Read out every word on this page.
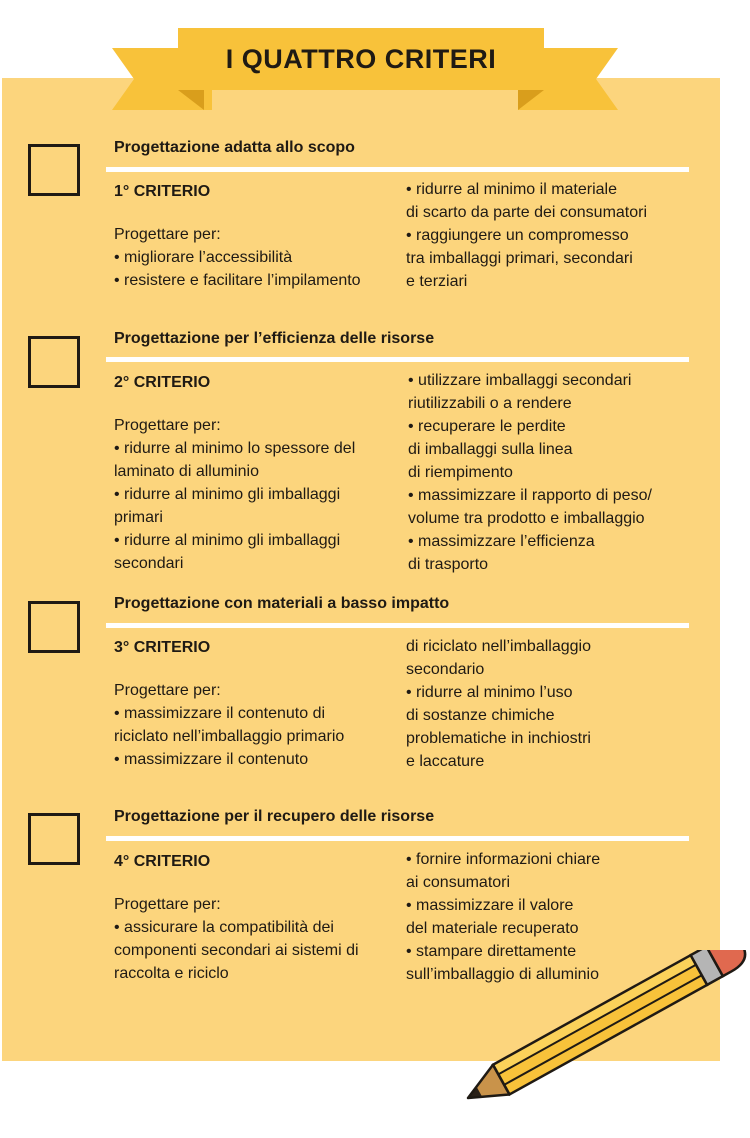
I QUATTRO CRITERI
Progettazione adatta allo scopo
1° CRITERIO
Progettare per:
• migliorare l’accessibilità
• resistere e facilitare l’impilamento
• ridurre al minimo il materiale
di scarto da parte dei consumatori
• raggiungere un compromesso
tra imballaggi primari, secondari
e terziari
Progettazione per l’efficienza delle risorse
2° CRITERIO
Progettare per:
• ridurre al minimo lo spessore del
laminato di alluminio
• ridurre al minimo gli imballaggi
primari
• ridurre al minimo gli imballaggi
secondari
• utilizzare imballaggi secondari
riutilizzabili o a rendere
• recuperare le perdite
di imballaggi sulla linea
di riempimento
• massimizzare il rapporto di peso/
volume tra prodotto e imballaggio
• massimizzare l’efficienza
di trasporto
Progettazione con materiali a basso impatto
3° CRITERIO
Progettare per:
• massimizzare il contenuto di
riciclato nell’imballaggio primario
• massimizzare il contenuto
di riciclato nell’imballaggio
secondario
• ridurre al minimo l’uso
di sostanze chimiche
problematiche in inchiostri
e laccature
Progettazione per il recupero delle risorse
4° CRITERIO
Progettare per:
• assicurare la compatibilità dei
componenti secondari ai sistemi di
raccolta e riciclo
• fornire informazioni chiare
ai consumatori
• massimizzare il valore
del materiale recuperato
• stampare direttamente
sull’imballaggio di alluminio
